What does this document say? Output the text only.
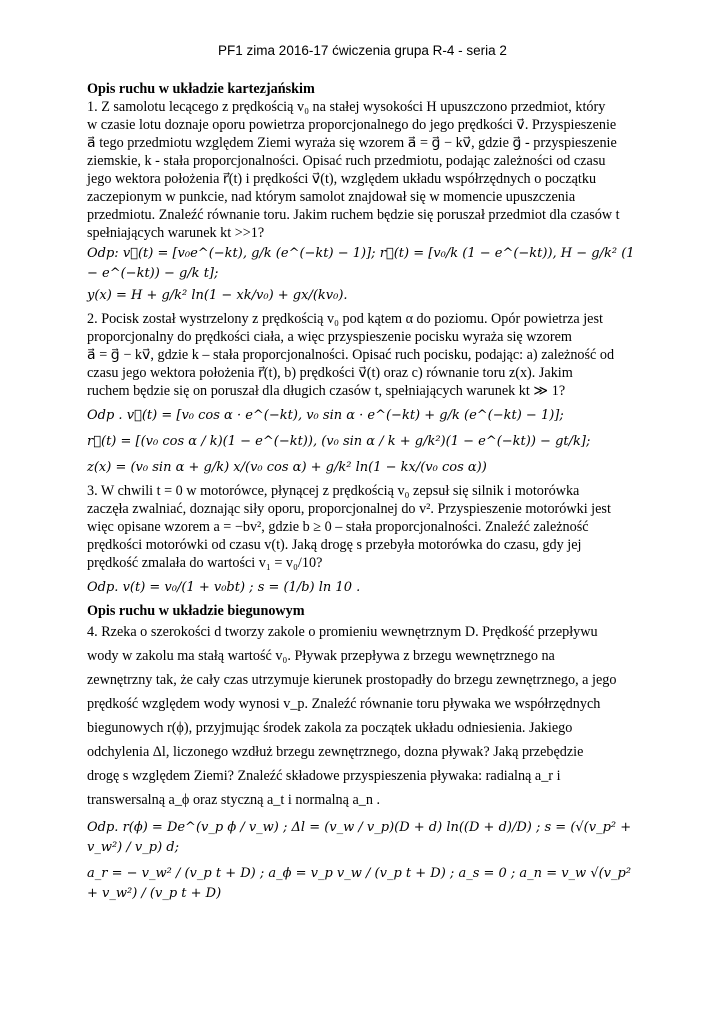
PF1 zima 2016-17 ćwiczenia grupa R-4 - seria 2
Opis ruchu w układzie kartezjańskim

1. Z samolotu lecącego z prędkością v₀ na stałej wysokości H upuszczono przedmiot, który

w czasie lotu doznaje oporu powietrza proporcjonalnego do jego prędkości v⃗. Przyspieszenie

a⃗ tego przedmiotu względem Ziemi wyraża się wzorem a⃗ = g⃗ − kv⃗, gdzie g⃗ - przyspieszenie

ziemskie, k - stała proporcjonalności. Opisać ruch przedmiotu, podając zależności od czasu

jego wektora położenia r⃗(t) i prędkości v⃗(t), względem układu współrzędnych o początku

zaczepionym w punkcie, nad którym samolot znajdował się w momencie upuszczenia

przedmiotu. Znaleźć równanie toru. Jakim ruchem będzie się poruszał przedmiot dla czasów t

spełniających warunek kt >>1?

Odp: v⃗(t) = [v₀e^(−kt), g/k (e^(−kt) − 1)]; r⃗(t) = [v₀/k (1 − e^(−kt)), H − g/k² (1 − e^(−kt)) − g/k t];
y(x) = H + g/k² ln(1 − xk/v₀) + gx/(kv₀).

2. Pocisk został wystrzelony z prędkością v₀ pod kątem α do poziomu. Opór powietrza jest

proporcjonalny do prędkości ciała, a więc przyspieszenie pocisku wyraża się wzorem

a⃗ = g⃗ − kv⃗, gdzie k – stała proporcjonalności. Opisać ruch pocisku, podając: a) zależność od

czasu jego wektora położenia r⃗(t), b) prędkości v⃗(t) oraz c) równanie toru z(x). Jakim

ruchem będzie się on poruszał dla długich czasów t, spełniających warunek kt ≫ 1?

Odp . v⃗(t) = [v₀ cos α · e^(−kt), v₀ sin α · e^(−kt) + g/k (e^(−kt) − 1)];
r⃗(t) = [(v₀ cos α / k)(1 − e^(−kt)), (v₀ sin α / k + g/k²)(1 − e^(−kt)) − gt/k];
z(x) = (v₀ sin α + g/k) x/(v₀ cos α) + g/k² ln(1 − kx/(v₀ cos α))

3. W chwili t = 0 w motorówce, płynącej z prędkością v₀ zepsuł się silnik i motorówka

zaczęła zwalniać, doznając siły oporu, proporcjonalnej do v². Przyspieszenie motorówki jest

więc opisane wzorem a = −bv², gdzie b ≥ 0 – stała proporcjonalności. Znaleźć zależność

prędkości motorówki od czasu v(t). Jaką drogę s przebyła motorówka do czasu, gdy jej

prędkość zmalała do wartości v₁ = v₀/10?

Odp. v(t) = v₀/(1 + v₀bt) ; s = (1/b) ln 10 .
Opis ruchu w układzie biegunowym

4. Rzeka o szerokości d tworzy zakole o promieniu wewnętrznym D. Prędkość przepływu

wody w zakolu ma stałą wartość v₀. Pływak przepływa z brzegu wewnętrznego na

zewnętrzny tak, że cały czas utrzymuje kierunek prostopadły do brzegu zewnętrznego, a jego

prędkość względem wody wynosi v_p. Znaleźć równanie toru pływaka we współrzędnych

biegunowych r(ϕ), przyjmując środek zakola za początek układu odniesienia. Jakiego

odchylenia Δl, liczonego wzdłuż brzegu zewnętrznego, dozna pływak? Jaką przebędzie

drogę s względem Ziemi? Znaleźć składowe przyspieszenia pływaka: radialną a_r i

transwersalną a_ϕ oraz styczną a_t i normalną a_n .

Odp. r(ϕ) = De^(v_p ϕ / v_w) ; Δl = (v_w / v_p)(D + d) ln((D + d)/D) ; s = (√(v_p² + v_w²) / v_p) d;
a_r = − v_w² / (v_p t + D) ; a_ϕ = v_p v_w / (v_p t + D) ; a_s = 0 ; a_n = v_w √(v_p² + v_w²) / (v_p t + D)
